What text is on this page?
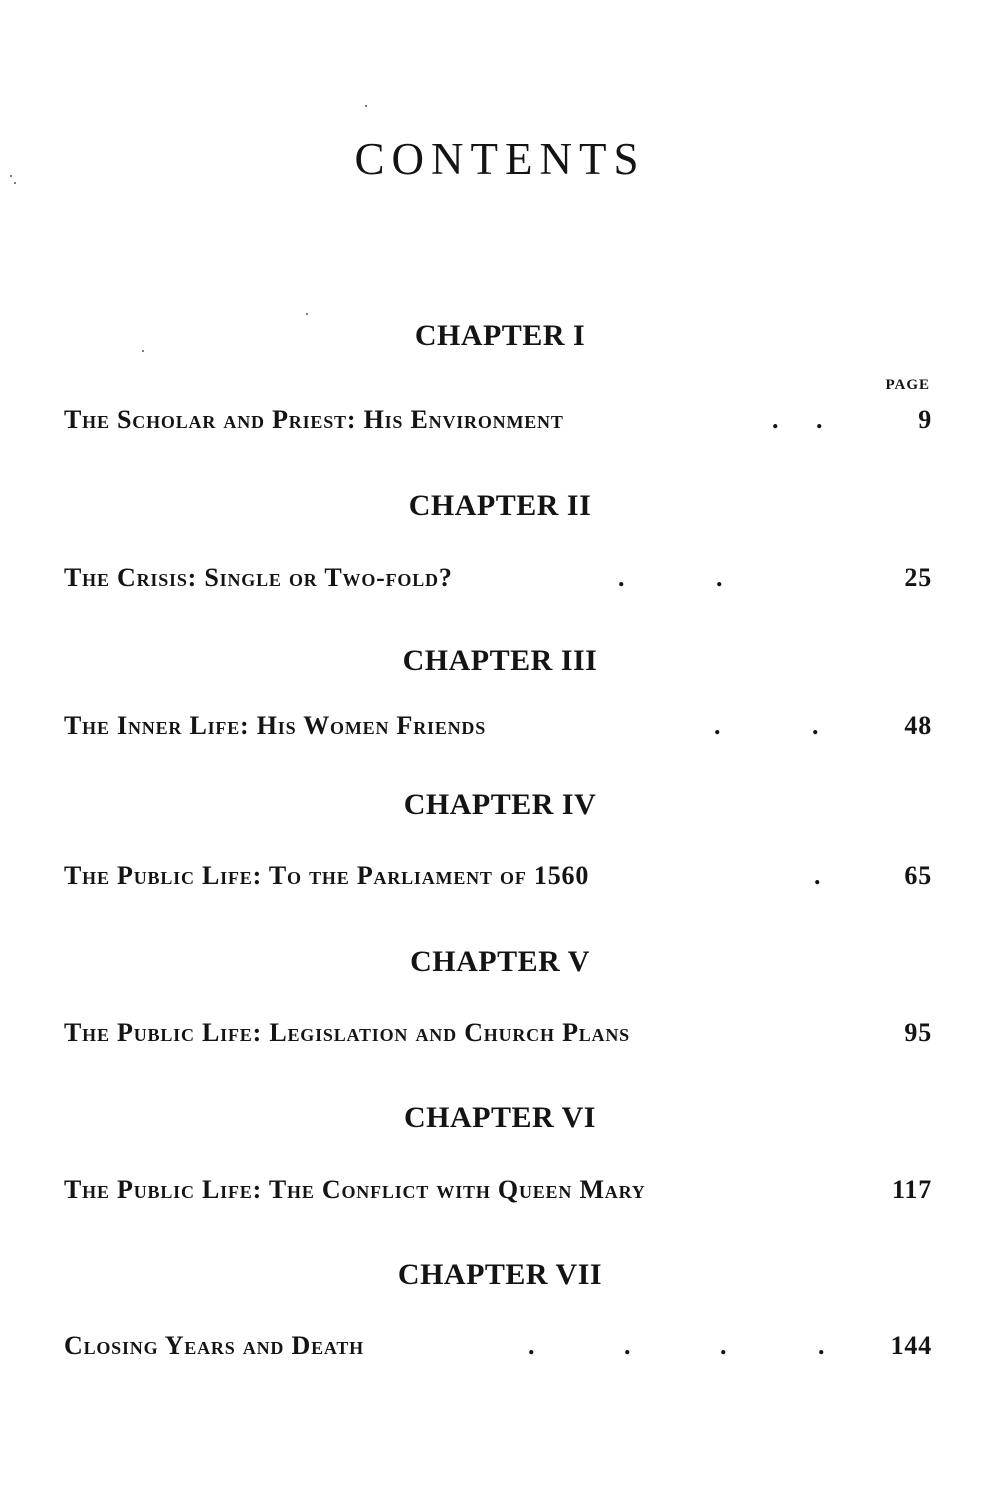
CONTENTS
PAGE
CHAPTER I
The Scholar and Priest: His Environment	. .	9
CHAPTER II
The Crisis: Single or Two-fold?	.	.	25
CHAPTER III
The Inner Life: His Women Friends	.	.	48
CHAPTER IV
The Public Life: To the Parliament of 1560	.	65
CHAPTER V
The Public Life: Legislation and Church Plans	95
CHAPTER VI
The Public Life: The Conflict with Queen Mary	117
CHAPTER VII
Closing Years and Death	.	.	.	.	144
